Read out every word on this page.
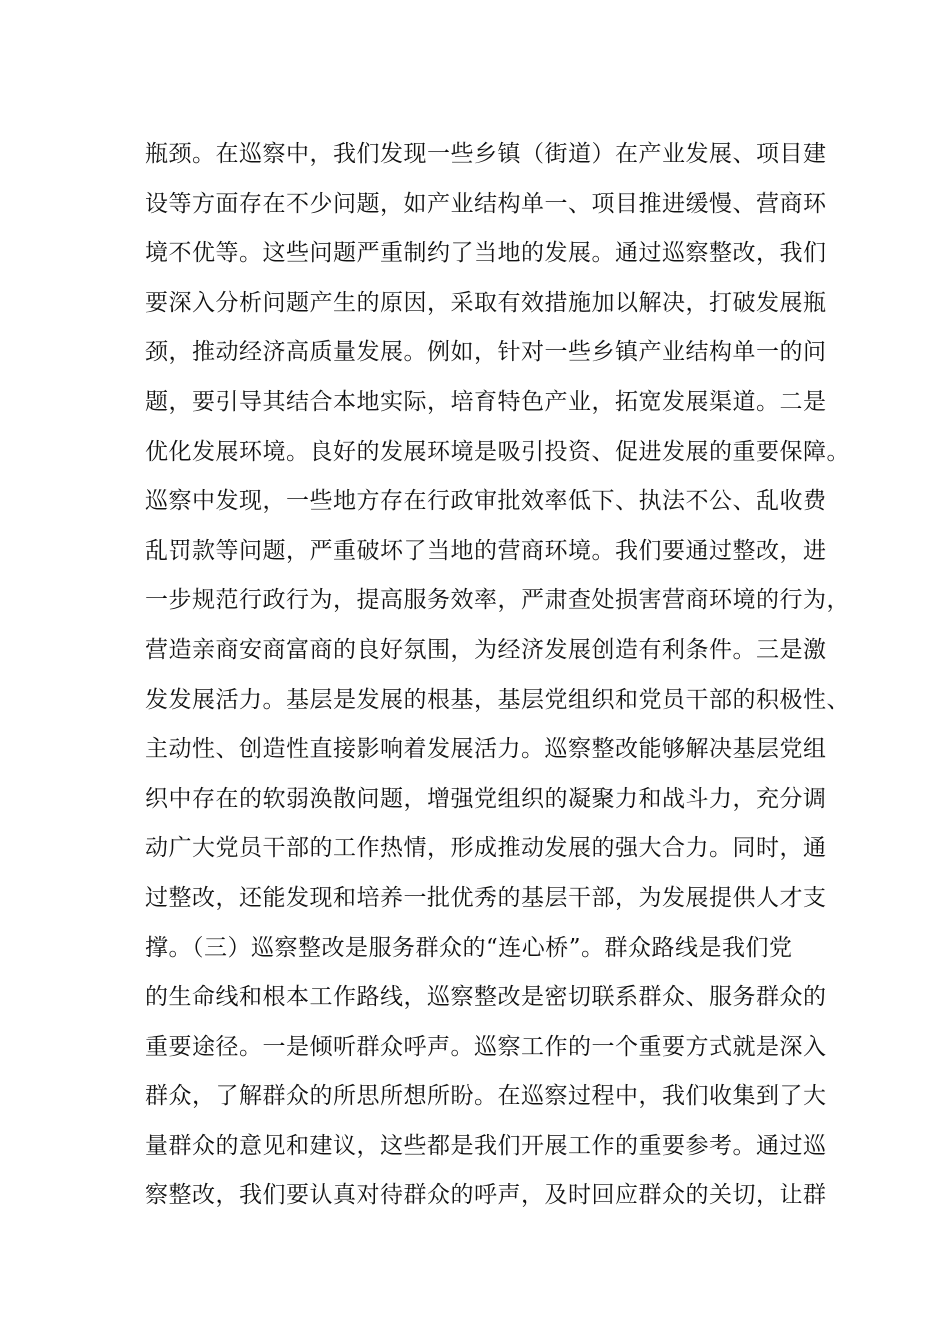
瓶颈。在巡察中，我们发现一些乡镇（街道）在产业发展、项目建
设等方面存在不少问题，如产业结构单一、项目推进缓慢、营商环
境不优等。这些问题严重制约了当地的发展。通过巡察整改，我们
要深入分析问题产生的原因，采取有效措施加以解决，打破发展瓶
颈，推动经济高质量发展。例如，针对一些乡镇产业结构单一的问
题，要引导其结合本地实际，培育特色产业，拓宽发展渠道。二是
优化发展环境。良好的发展环境是吸引投资、促进发展的重要保障。
巡察中发现，一些地方存在行政审批效率低下、执法不公、乱收费
乱罚款等问题，严重破坏了当地的营商环境。我们要通过整改，进
一步规范行政行为，提高服务效率，严肃查处损害营商环境的行为，
营造亲商安商富商的良好氛围，为经济发展创造有利条件。三是激
发发展活力。基层是发展的根基，基层党组织和党员干部的积极性、
主动性、创造性直接影响着发展活力。巡察整改能够解决基层党组
织中存在的软弱涣散问题，增强党组织的凝聚力和战斗力，充分调
动广大党员干部的工作热情，形成推动发展的强大合力。同时，通
过整改，还能发现和培养一批优秀的基层干部，为发展提供人才支
撑。（三）巡察整改是服务群众的“连心桥”。群众路线是我们党
的生命线和根本工作路线，巡察整改是密切联系群众、服务群众的
重要途径。一是倾听群众呼声。巡察工作的一个重要方式就是深入
群众，了解群众的所思所想所盼。在巡察过程中，我们收集到了大
量群众的意见和建议，这些都是我们开展工作的重要参考。通过巡
察整改，我们要认真对待群众的呼声，及时回应群众的关切，让群
